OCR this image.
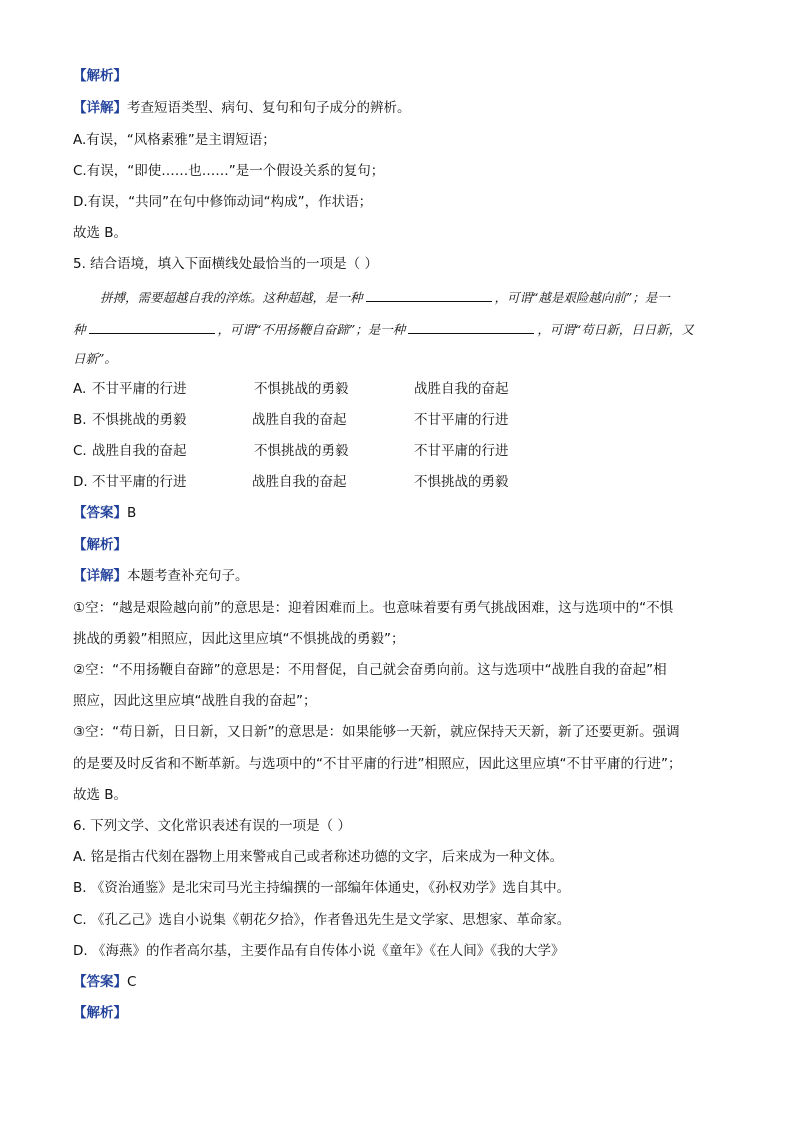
【解析】
【详解】考查短语类型、病句、复句和句子成分的辨析。
A.有误，“风格素雅”是主谓短语；
C.有误，“即使……也……”是一个假设关系的复句；
D.有误，“共同”在句中修饰动词“构成”，作状语；
故选 B。
5. 结合语境，填入下面横线处最恰当的一项是（ ）
拼搏，需要超越自我的淬炼。这种超越，是一种	，可谓“越是艰险越向前”；是一
种	，可谓“不用扬鞭自奋蹄”；是一种	，可谓“苟日新，日日新，又
日新”。
A. 不甘平庸的行进	不惧挑战的勇毅	战胜自我的奋起
B. 不惧挑战的勇毅	战胜自我的奋起	不甘平庸的行进
C. 战胜自我的奋起	不惧挑战的勇毅	不甘平庸的行进
D. 不甘平庸的行进	战胜自我的奋起	不惧挑战的勇毅
【答案】B
【解析】
【详解】本题考查补充句子。
①空：“越是艰险越向前”的意思是：迎着困难而上。也意味着要有勇气挑战困难，这与选项中的“不惧
挑战的勇毅”相照应，因此这里应填“不惧挑战的勇毅”；
②空：“不用扬鞭自奋蹄”的意思是：不用督促，自己就会奋勇向前。这与选项中“战胜自我的奋起”相
照应，因此这里应填“战胜自我的奋起”；
③空：“苟日新，日日新，又日新”的意思是：如果能够一天新，就应保持天天新，新了还要更新。强调
的是要及时反省和不断革新。与选项中的“不甘平庸的行进”相照应，因此这里应填“不甘平庸的行进”；
故选 B。
6. 下列文学、文化常识表述有误的一项是（ ）
A. 铭是指古代刻在器物上用来警戒自己或者称述功德的文字，后来成为一种文体。
B. 《资治通鉴》是北宋司马光主持编撰的一部编年体通史，《孙权劝学》选自其中。
C. 《孔乙己》选自小说集《朝花夕拾》，作者鲁迅先生是文学家、思想家、革命家。
D. 《海燕》的作者高尔基，主要作品有自传体小说《童年》《在人间》《我的大学》
【答案】C
【解析】
